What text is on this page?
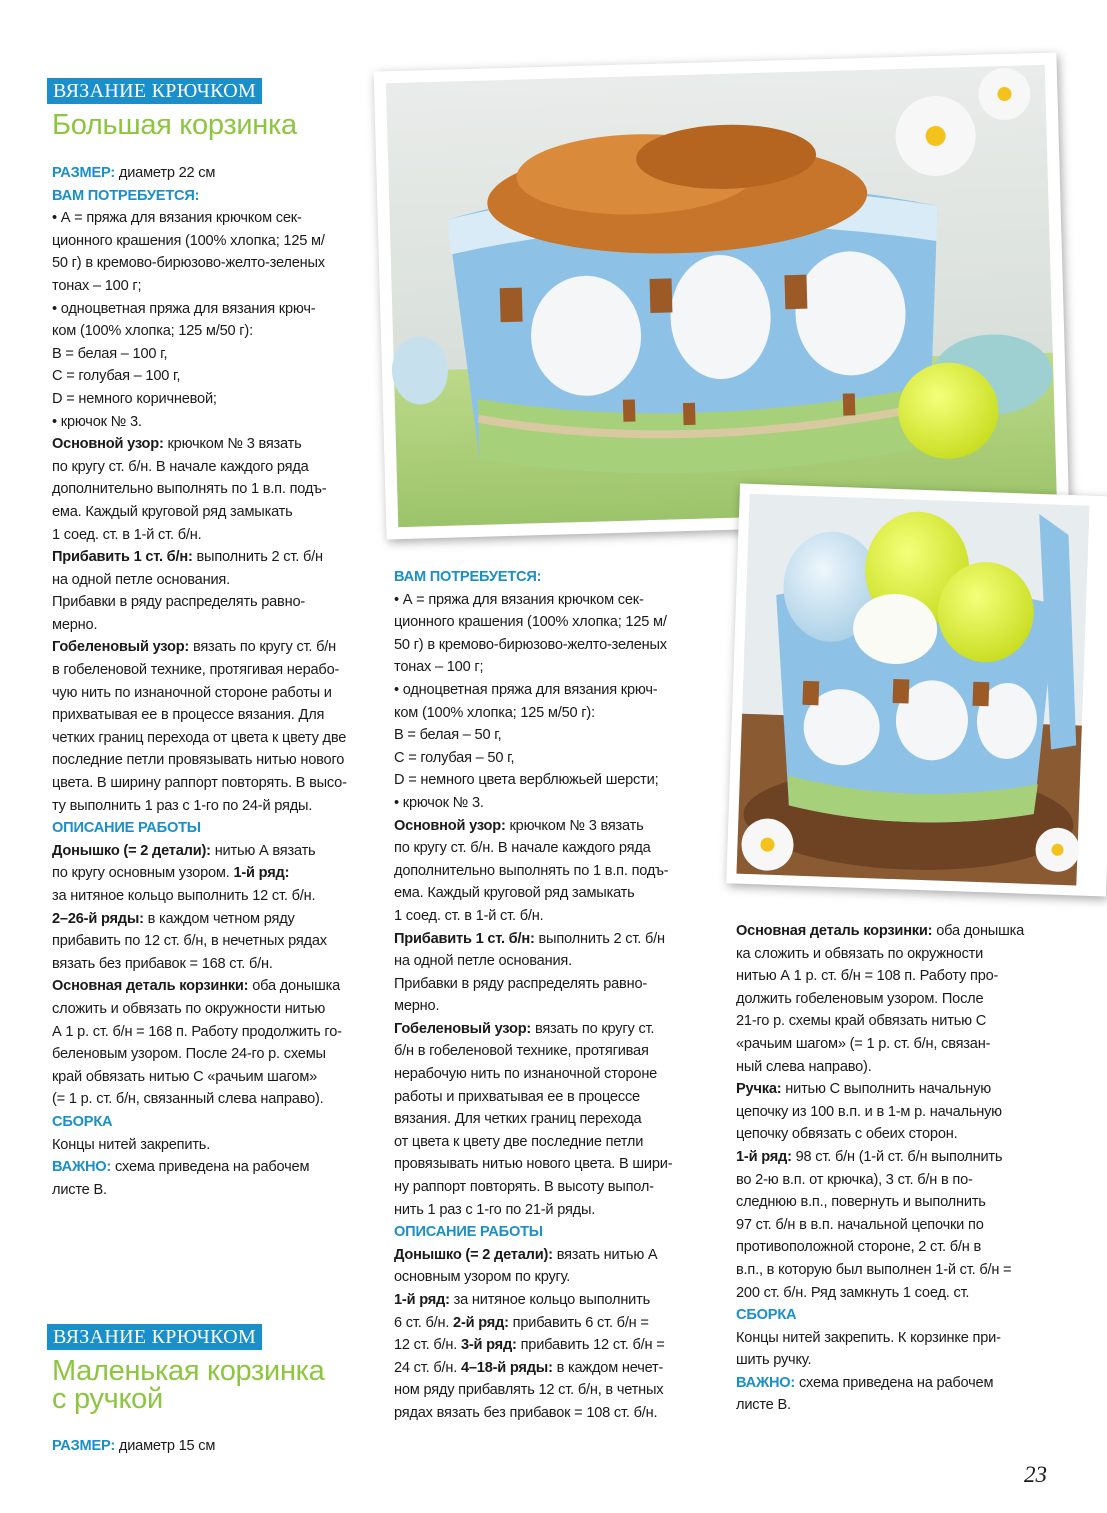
ВЯЗАНИЕ КРЮЧКОМ
Большая корзинка

РАЗМЕР: диаметр 22 см

ВАМ ПОТРЕБУЕТСЯ:

• А = пряжа для вязания крючком сек-

ционного крашения (100% хлопка; 125 м/

50 г) в кремово-бирюзово-желто-зеленых

тонах – 100 г;

• одноцветная пряжа для вязания крюч-

ком (100% хлопка; 125 м/50 г):

В = белая – 100 г,

С = голубая – 100 г,

D = немного коричневой;

• крючок № 3.

Основной узор: крючком № 3 вязать

по кругу ст. б/н. В начале каждого ряда

дополнительно выполнять по 1 в.п. подъ-

ема. Каждый круговой ряд замыкать

1 соед. ст. в 1-й ст. б/н.

Прибавить 1 ст. б/н: выполнить 2 ст. б/н

на одной петле основания.

Прибавки в ряду распределять равно-

мерно.

Гобеленовый узор: вязать по кругу ст. б/н

в гобеленовой технике, протягивая нерабо-

чую нить по изнаночной стороне работы и

прихватывая ее в процессе вязания. Для

четких границ перехода от цвета к цвету две

последние петли провязывать нитью нового

цвета. В ширину раппорт повторять. В высо-

ту выполнить 1 раз с 1-го по 24-й ряды.

ОПИСАНИЕ РАБОТЫ

Донышко (= 2 детали): нитью А вязать

по кругу основным узором. 1-й ряд:

за нитяное кольцо выполнить 12 ст. б/н.

2–26-й ряды: в каждом четном ряду

прибавить по 12 ст. б/н, в нечетных рядах

вязать без прибавок = 168 ст. б/н.

Основная деталь корзинки: оба донышка

сложить и обвязать по окружности нитью

А 1 р. ст. б/н = 168 п. Работу продолжить го-

беленовым узором. После 24-го р. схемы

край обвязать нитью С «рачьим шагом»

(= 1 р. ст. б/н, связанный слева направо).

СБОРКА

Концы нитей закрепить.

ВАЖНО: схема приведена на рабочем

листе В.

ВЯЗАНИЕ КРЮЧКОМ
Маленькая корзинка
с ручкой

РАЗМЕР: диаметр 15 см

ВАМ ПОТРЕБУЕТСЯ:

• А = пряжа для вязания крючком сек-

ционного крашения (100% хлопка; 125 м/

50 г) в кремово-бирюзово-желто-зеленых

тонах – 100 г;

• одноцветная пряжа для вязания крюч-

ком (100% хлопка; 125 м/50 г):

В = белая – 50 г,

С = голубая – 50 г,

D = немного цвета верблюжьей шерсти;

• крючок № 3.

Основной узор: крючком № 3 вязать

по кругу ст. б/н. В начале каждого ряда

дополнительно выполнять по 1 в.п. подъ-

ема. Каждый круговой ряд замыкать

1 соед. ст. в 1-й ст. б/н.

Прибавить 1 ст. б/н: выполнить 2 ст. б/н

на одной петле основания.

Прибавки в ряду распределять равно-

мерно.

Гобеленовый узор: вязать по кругу ст.

б/н в гобеленовой технике, протягивая

нерабочую нить по изнаночной стороне

работы и прихватывая ее в процессе

вязания. Для четких границ перехода

от цвета к цвету две последние петли

провязывать нитью нового цвета. В шири-

ну раппорт повторять. В высоту выпол-

нить 1 раз с 1-го по 21-й ряды.

ОПИСАНИЕ РАБОТЫ

Донышко (= 2 детали): вязать нитью А

основным узором по кругу.

1-й ряд: за нитяное кольцо выполнить

6 ст. б/н. 2-й ряд: прибавить 6 ст. б/н =

12 ст. б/н. 3-й ряд: прибавить 12 ст. б/н =

24 ст. б/н. 4–18-й ряды: в каждом нечет-

ном ряду прибавлять 12 ст. б/н, в четных

рядах вязать без прибавок = 108 ст. б/н.

Основная деталь корзинки: оба донышка

ка сложить и обвязать по окружности

нитью А 1 р. ст. б/н = 108 п. Работу про-

должить гобеленовым узором. После

21-го р. схемы край обвязать нитью С

«рачьим шагом» (= 1 р. ст. б/н, связан-

ный слева направо).

Ручка: нитью С выполнить начальную

цепочку из 100 в.п. и в 1-м р. начальную

цепочку обвязать с обеих сторон.

1-й ряд: 98 ст. б/н (1-й ст. б/н выполнить

во 2-ю в.п. от крючка), 3 ст. б/н в по-

следнюю в.п., повернуть и выполнить

97 ст. б/н в в.п. начальной цепочки по

противоположной стороне, 2 ст. б/н в

в.п., в которую был выполнен 1-й ст. б/н =

200 ст. б/н. Ряд замкнуть 1 соед. ст.

СБОРКА

Концы нитей закрепить. К корзинке при-

шить ручку.

ВАЖНО: схема приведена на рабочем

листе В.

23
